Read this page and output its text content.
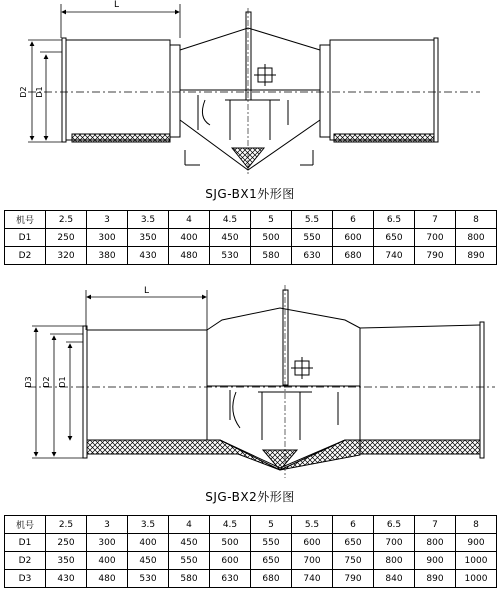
D2 D1
D3 D2 D1
L
L
SJG-BX1外形图
SJG-BX2外形图
机号	2.5	3	3.5	4	4.5	5	5.5	6	6.5	7	8
D1	250	300	350	400	450	500	550	600	650	700	800
D2	320	380	430	480	530	580	630	680	740	790	890
机号	2.5	3	3.5	4	4.5	5	5.5	6	6.5	7	8
D1	250	300	400	450	500	550	600	650	700	800	900
D2	350	400	450	550	600	650	700	750	800	900	1000
D3	430	480	530	580	630	680	740	790	840	890	1000
